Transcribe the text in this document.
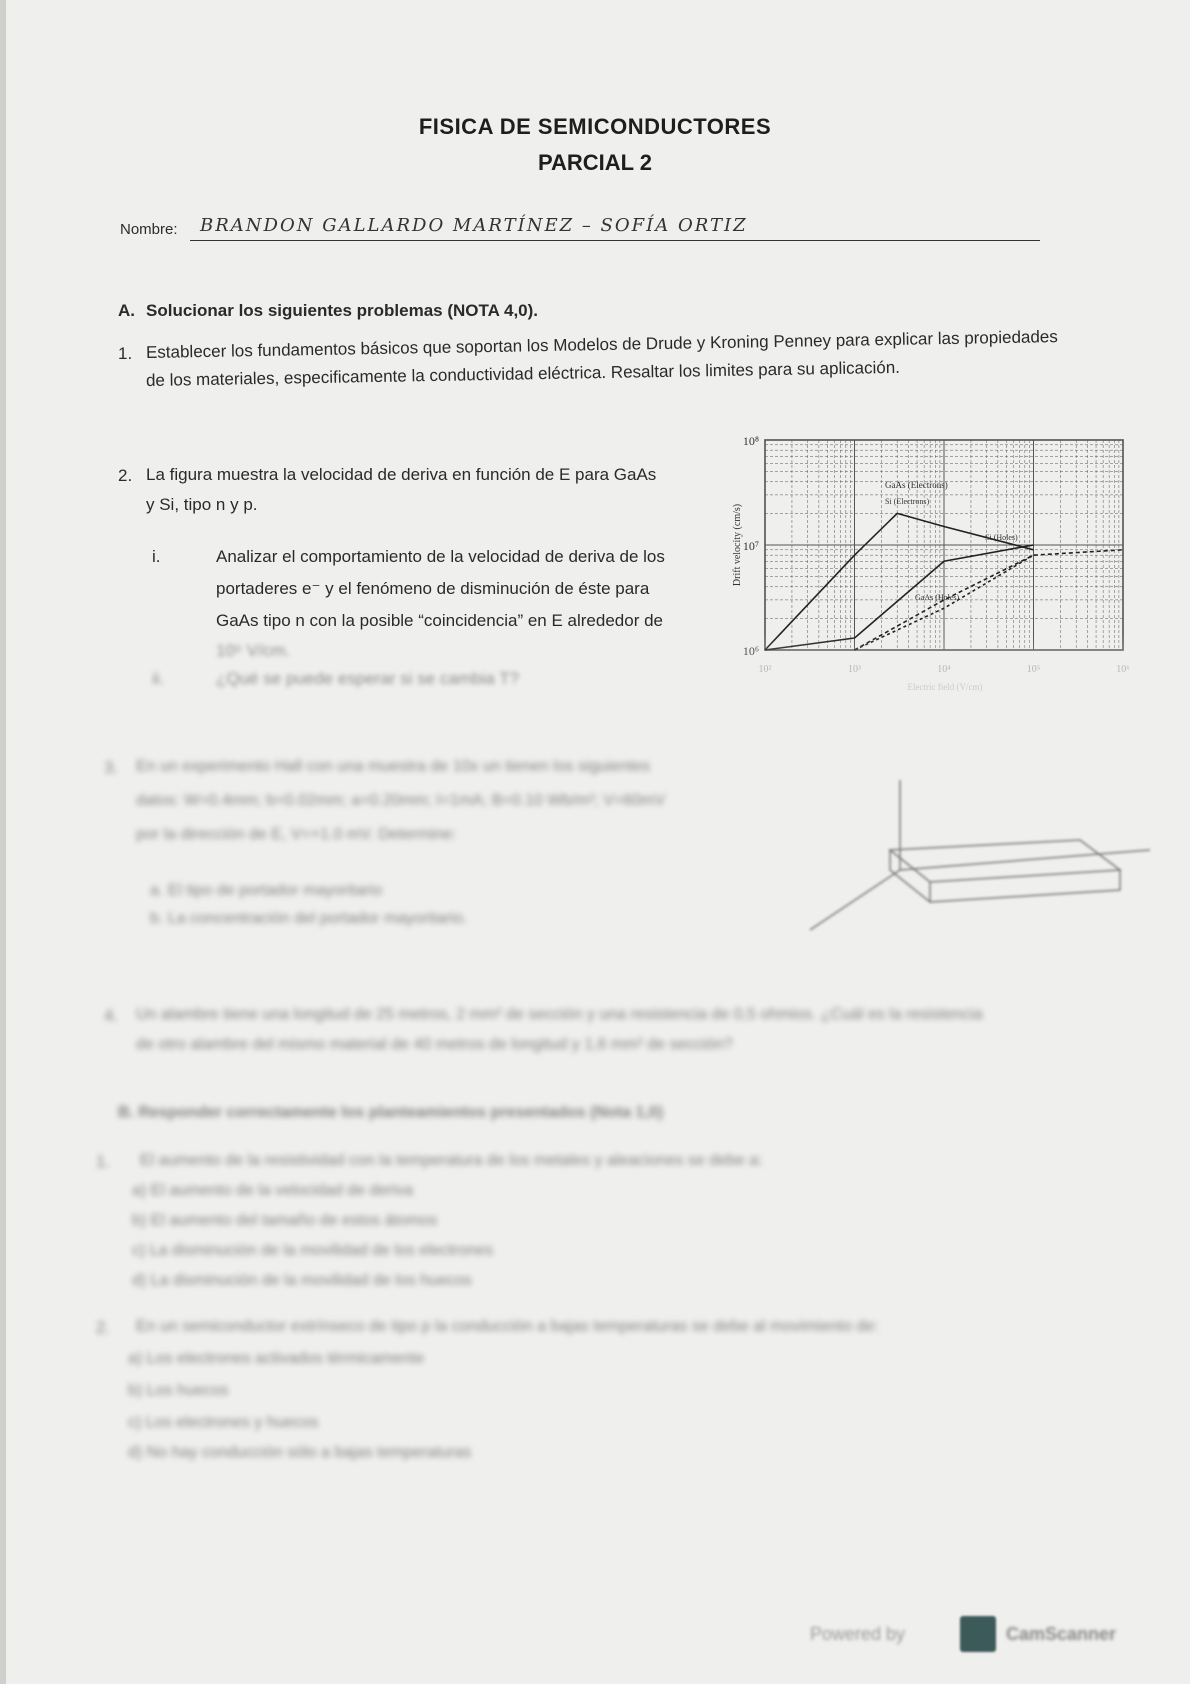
FISICA DE SEMICONDUCTORES
PARCIAL 2
Nombre: BRANDON GALLARDO MARTÍNEZ – SOFÍA ORTIZ
A. Solucionar los siguientes problemas (NOTA 4,0).
1. Establecer los fundamentos básicos que soportan los Modelos de Drude y Kroning Penney para explicar las propiedades
de los materiales, especificamente la conductividad eléctrica. Resaltar los limites para su aplicación.
2. La figura muestra la velocidad de deriva en función de E para GaAs
y Si, tipo n y p.
i.	Analizar el comportamiento de la velocidad de deriva de los
portaderes e⁻ y el fenómeno de disminución de éste para
GaAs tipo n con la posible “coincidencia” en E alrededor de
10⁵ V/cm.
ii.	¿Qué se puede esperar si se cambia T?
GaAs (Electrons)
Si (Electrons)
Si (Holes)
GaAs (Holes)
10⁸
10⁷
Drift velocity (cm/s)
3. En un experimento Hall con una muestra de 10x un tienen los siguientes
datos: W=0.4mm; b=0.02mm; a=0.20mm; I=1mA; B=0.10 Wb/m²; V=60mV
por la dirección de E, V=+1.0 mV. Determine:
a. El tipo de portador mayoritario
b. La concentración del portador mayoritario.
4. Un alambre tiene una longitud de 25 metros, 2 mm² de sección y una resistencia de 0,5 ohmios. ¿Cuál es la resistencia
de otro alambre del mismo material de 40 metros de longitud y 1,6 mm² de sección?
B. Responder correctamente los planteamientos presentados (Nota 1,0)
1. El aumento de la resistividad con la temperatura de los metales y aleaciones se debe a:
a) El aumento de la velocidad de deriva
b) El aumento del tamaño de estos átomos
c) La disminución de la movilidad de los electrones
d) La disminución de la movilidad de los huecos
2. En un semiconductor extrínseco de tipo p la conducción a bajas temperaturas se debe al movimiento de:
a) Los electrones activados térmicamente
b) Los huecos
c) Los electrones y huecos
d) No hay conducción sólo a bajas temperaturas
Powered by	CamScanner
